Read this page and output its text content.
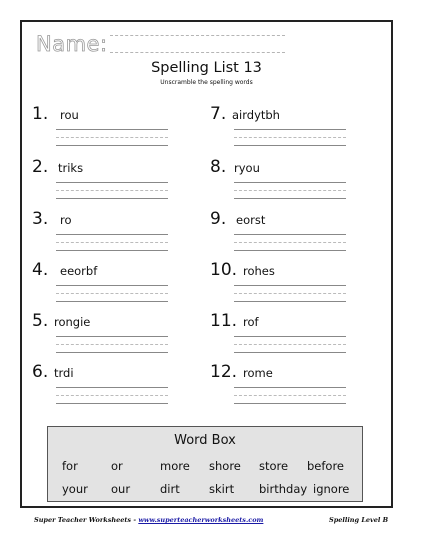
Name:
Spelling List 13
Unscramble the spelling words
1. rou
2. triks
3. ro
4. eeorbf
5. rongie
6. trdi
7. airdytbh
8. ryou
9. eorst
10. rohes
11. rof
12. rome
Word Box
for	or	more shore store before
your our	dirt	skirt birthday ignore
Super Teacher Worksheets - www.superteacherworksheets.com	Spelling Level B
